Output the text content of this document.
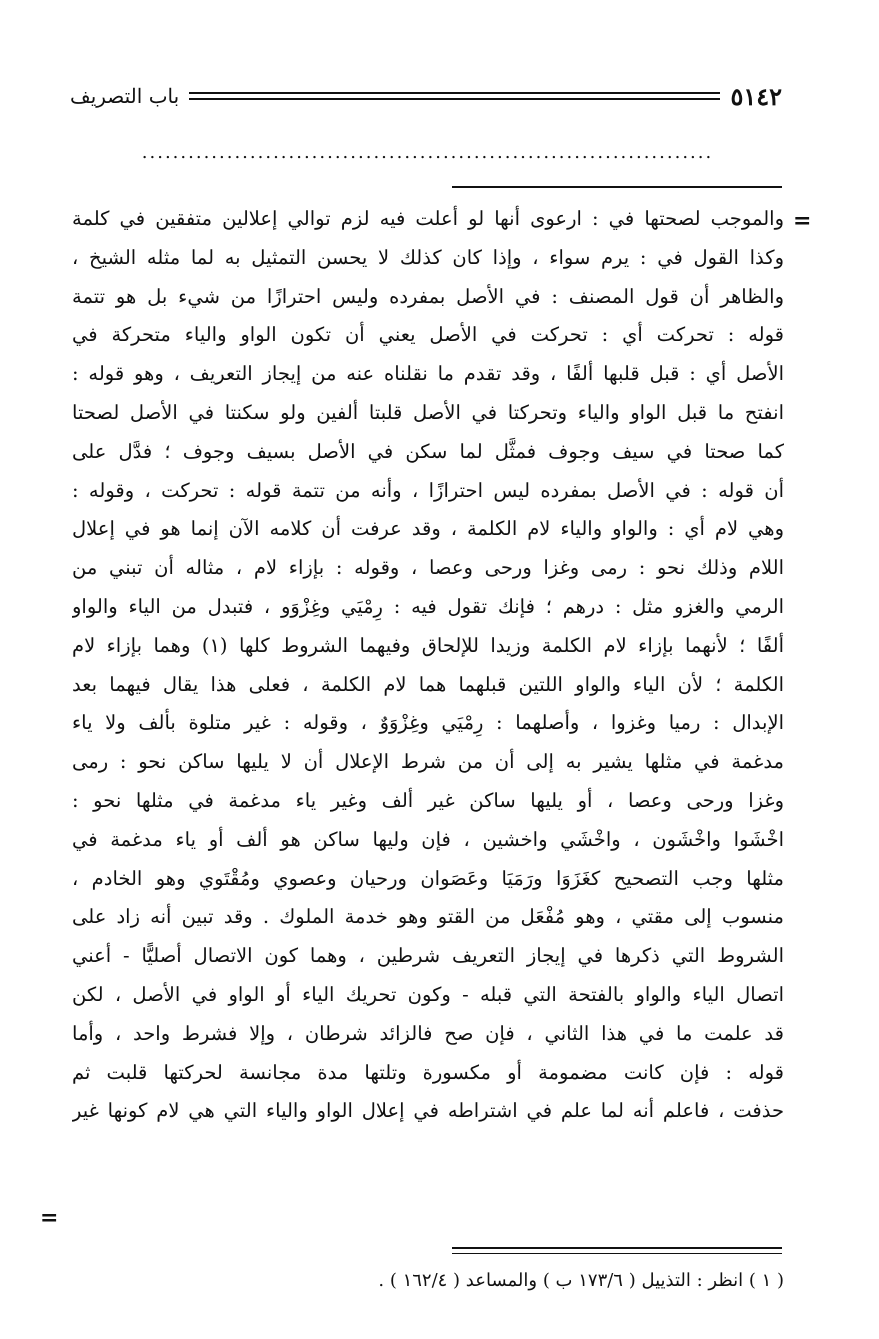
٥١٤٢
باب التصريف
..........................................................................
=
=
والموجب لصحتها في : ارعوى أنها لو أعلت فيه لزم توالي إعلالين متفقين في كلمة
وكذا القول في : يرم سواء ، وإذا كان كذلك لا يحسن التمثيل به لما مثله الشيخ ،
والظاهر أن قول المصنف : في الأصل بمفرده وليس احترازًا من شيء بل هو تتمة
قوله : تحركت أي : تحركت في الأصل يعني أن تكون الواو والياء متحركة في
الأصل أي : قبل قلبها ألفًا ، وقد تقدم ما نقلناه عنه من إيجاز التعريف ، وهو قوله :
انفتح ما قبل الواو والياء وتحركتا في الأصل قلبتا ألفين ولو سكنتا في الأصل لصحتا
كما صحتا في سيف وجوف فمثَّل لما سكن في الأصل بسيف وجوف ؛ فدَّل على
أن قوله : في الأصل بمفرده ليس احترازًا ، وأنه من تتمة قوله : تحركت ، وقوله :
وهي لام أي : والواو والياء لام الكلمة ، وقد عرفت أن كلامه الآن إنما هو في إعلال
اللام وذلك نحو : رمى وغزا ورحى وعصا ، وقوله : بإزاء لام ، مثاله أن تبني من
الرمي والغزو مثل : درهم ؛ فإنك تقول فيه : رِمْيَي وغِزْوَو ، فتبدل من الياء والواو
ألفًا ؛ لأنهما بإزاء لام الكلمة وزيدا للإلحاق وفيهما الشروط كلها (١) وهما بإزاء لام
الكلمة ؛ لأن الياء والواو اللتين قبلهما هما لام الكلمة ، فعلى هذا يقال فيهما بعد
الإبدال : رميا وغزوا ، وأصلهما : رِمْيَي وغِزْوَوٌ ، وقوله : غير متلوة بألف ولا ياء
مدغمة في مثلها يشير به إلى أن من شرط الإعلال أن لا يليها ساكن نحو : رمى
وغزا ورحى وعصا ، أو يليها ساكن غير ألف وغير ياء مدغمة في مثلها نحو :
اخْشَوا واخْشَون ، واخْشَي واخشين ، فإن وليها ساكن هو ألف أو ياء مدغمة في
مثلها وجب التصحيح كغَزَوَا ورَمَيَا وعَصَوان ورحيان وعصوي ومُقْتَوي وهو الخادم ،
منسوب إلى مقتي ، وهو مُفْعَل من القتو وهو خدمة الملوك . وقد تبين أنه زاد على
الشروط التي ذكرها في إيجاز التعريف شرطين ، وهما كون الاتصال أصليًّا - أعني
اتصال الياء والواو بالفتحة التي قبله - وكون تحريك الياء أو الواو في الأصل ، لكن
قد علمت ما في هذا الثاني ، فإن صح فالزائد شرطان ، وإلا فشرط واحد ، وأما
قوله : فإن كانت مضمومة أو مكسورة وتلتها مدة مجانسة لحركتها قلبت ثم
حذفت ، فاعلم أنه لما علم في اشتراطه في إعلال الواو والياء التي هي لام كونها غير
( ١ ) انظر : التذييل ( ١٧٣/٦ ب ) والمساعد ( ١٦٢/٤ ) .
